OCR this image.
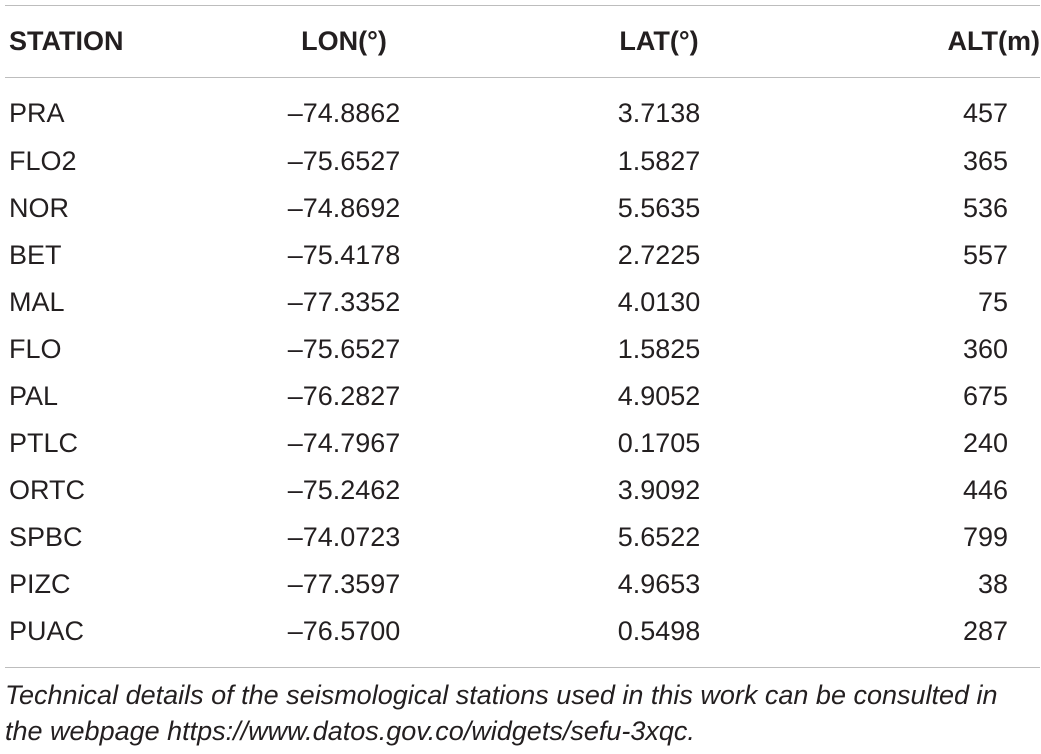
STATION	LON(°)	LAT(°)	ALT(m)
PRA	–74.8862	3.7138	457
FLO2	–75.6527	1.5827	365
NOR	–74.8692	5.5635	536
BET	–75.4178	2.7225	557
MAL	–77.3352	4.0130	75
FLO	–75.6527	1.5825	360
PAL	–76.2827	4.9052	675
PTLC	–74.7967	0.1705	240
ORTC	–75.2462	3.9092	446
SPBC	–74.0723	5.6522	799
PIZC	–77.3597	4.9653	38
PUAC	–76.5700	0.5498	287
Technical details of the seismological stations used in this work can be consulted in the webpage https://www.datos.gov.co/widgets/sefu-3xqc.
